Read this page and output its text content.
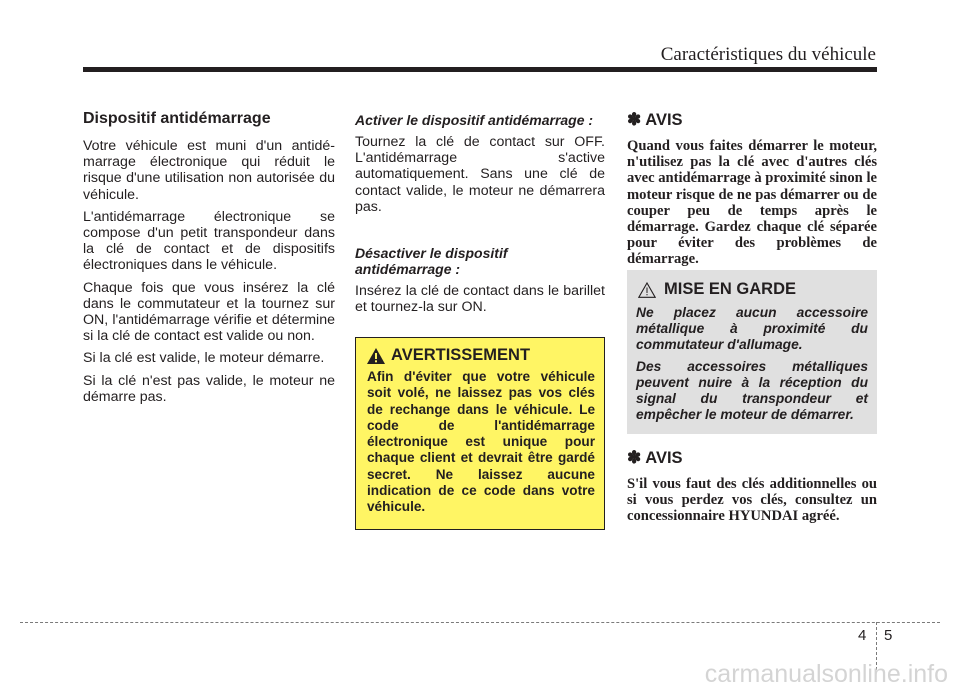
Caractéristiques du véhicule
Dispositif antidémarrage

Votre véhicule est muni d'un antidé-marrage électronique qui réduit le risque d'une utilisation non autorisée du véhicule.

L'antidémarrage électronique se compose d'un petit transpondeur dans la clé de contact et de dispositifs électroniques dans le véhicule.

Chaque fois que vous insérez la clé dans le commutateur et la tournez sur ON, l'antidémarrage vérifie et détermine si la clé de contact est valide ou non.

Si la clé est valide, le moteur démarre.

Si la clé n'est pas valide, le moteur ne démarre pas.

Activer le dispositif antidémarrage :

Tournez la clé de contact sur OFF. L'antidémarrage s'active automatiquement. Sans une clé de contact valide, le moteur ne démarrera pas.

Désactiver le dispositif antidémarrage :

Insérez la clé de contact dans le barillet et tournez-la sur ON.

AVERTISSEMENT

Afin d'éviter que votre véhicule soit volé, ne laissez pas vos clés de rechange dans le véhicule. Le code de l'antidémarrage électronique est unique pour chaque client et devrait être gardé secret. Ne laissez aucune indication de ce code dans votre véhicule.

✽ AVIS

Quand vous faites démarrer le moteur, n'utilisez pas la clé avec d'autres clés avec antidémarrage à proximité sinon le moteur risque de ne pas démarrer ou de couper peu de temps après le démarrage. Gardez chaque clé séparée pour éviter des problèmes de démarrage.

MISE EN GARDE

Ne placez aucun accessoire métallique à proximité du commutateur d'allumage.

Des accessoires métalliques peuvent nuire à la réception du signal du transpondeur et empêcher le moteur de démarrer.

✽ AVIS

S'il vous faut des clés additionnelles ou si vous perdez vos clés, consultez un concessionnaire HYUNDAI agréé.

4 5
carmanualsonline.info
